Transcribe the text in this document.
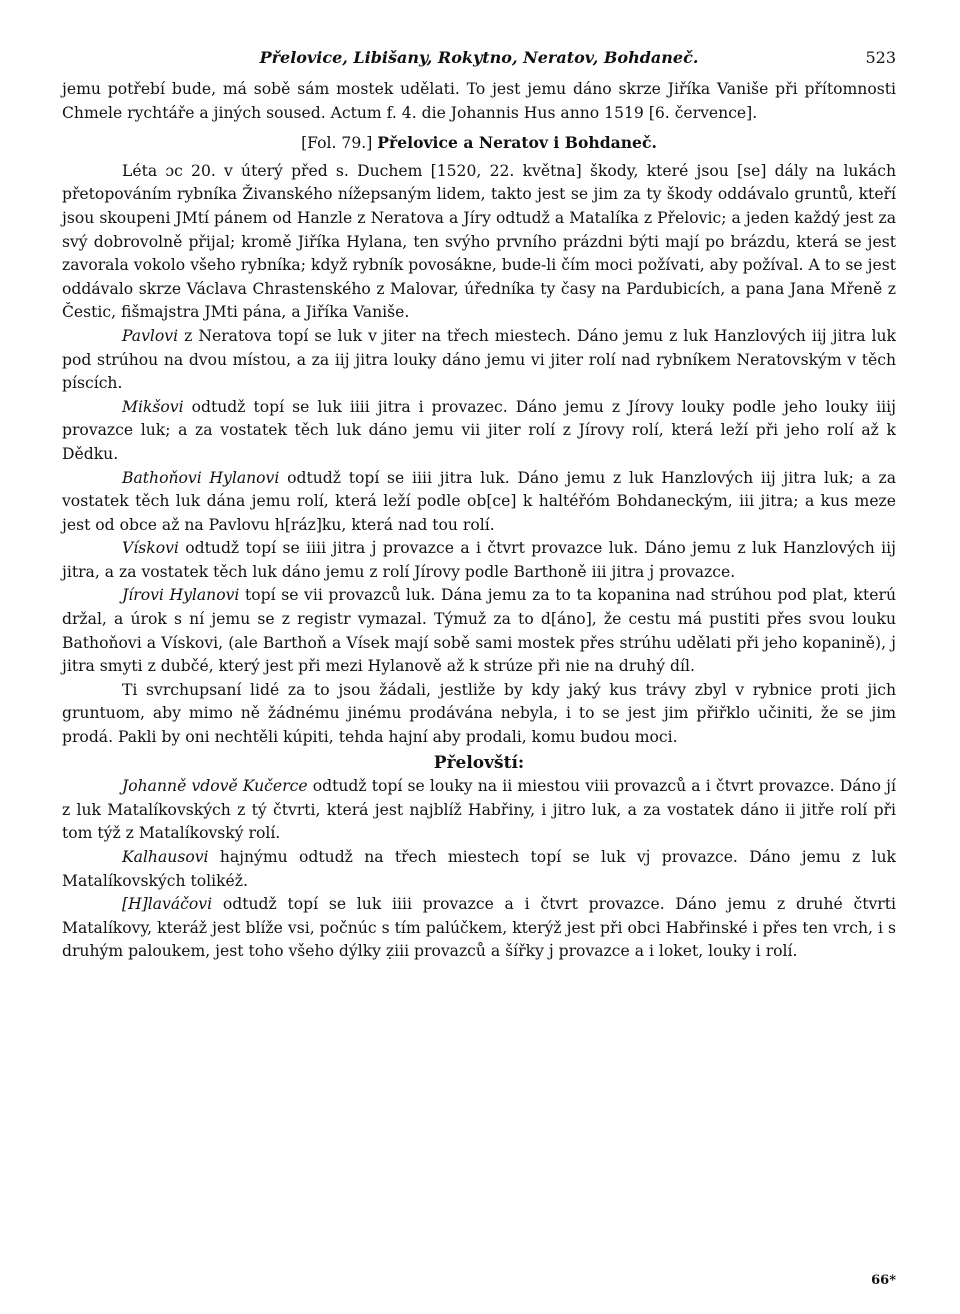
Přelovice, Libišany, Rokytno, Neratov, Bohdaneč.	523

jemu potřebí bude, má sobě sám mostek udělati. To jest jemu dáno skrze Jiříka Vaniše při přítomnosti Chmele rychtáře a jiných soused. Actum f. 4. die Johannis Hus anno 1519 [6. července].

[Fol. 79.] Přelovice a Neratov i Bohdaneč.

Léta ɔc 20. v úterý před s. Duchem [1520, 22. května] škody, které jsou [se] dály na lukách přetopováním rybníka Živanského nížepsaným lidem, takto jest se jim za ty škody oddávalo gruntů, kteří jsou skoupeni JMtí pánem od Hanzle z Neratova a Jíry odtudž a Matalíka z Přelovic; a jeden každý jest za svý dobrovolně přijal; kromě Jiříka Hylana, ten svýho prvního prázdni býti mají po brázdu, která se jest zavorala vokolo všeho rybníka; když rybník povosákne, bude-li čím moci požívati, aby požíval. A to se jest oddávalo skrze Václava Chrastenského z Malovar, úředníka ty časy na Pardubicích, a pana Jana Mřeně z Čestic, fišmajstra JMti pána, a Jiříka Vaniše.

Pavlovi z Neratova topí se luk v jiter na třech miestech. Dáno jemu z luk Hanzlových iiȷ̇ jitra luk pod strúhou na dvou místou, a za iiȷ̇ jitra louky dáno jemu vi jiter rolí nad rybníkem Neratovským v těch píscích.

Mikšovi odtudž topí se luk iiii jitra i provazec. Dáno jemu z Jírovy louky podle jeho louky iiiȷ̇ provazce luk; a za vostatek těch luk dáno jemu vii jiter rolí z Jírovy rolí, která leží při jeho rolí až k Dědku.

Bathoňovi Hylanovi odtudž topí se iiii jitra luk. Dáno jemu z luk Hanzlových iiȷ̇ jitra luk; a za vostatek těch luk dána jemu rolí, která leží podle ob[ce] k haltéřóm Bohdaneckým, iii jitra; a kus meze jest od obce až na Pavlovu h[ráz]ku, která nad tou rolí.

Vískovi odtudž topí se iiii jitra ȷ̇ provazce a i čtvrt provazce luk. Dáno jemu z luk Hanzlových iiȷ̇ jitra, a za vostatek těch luk dáno jemu z rolí Jírovy podle Barthoně iii jitra ȷ̇ provazce.

Jírovi Hylanovi topí se vii provazců luk. Dána jemu za to ta kopanina nad strúhou pod plat, kterú držal, a úrok s ní jemu se z registr vymazal. Týmuž za to d[áno], že cestu má pustiti přes svou louku Bathoňovi a Vískovi, (ale Barthoň a Vísek mají sobě sami mostek přes strúhu udělati při jeho kopanině), ȷ̇ jitra smyti z dubčé, který jest při mezi Hylanově až k strúze při nie na druhý díl.

Ti svrchupsaní lidé za to jsou žádali, jestliže by kdy jaký kus trávy zbyl v rybnice proti jich gruntuom, aby mimo ně žádnému jinému prodávána nebyla, i to se jest jim přiřklo učiniti, že se jim prodá. Pakli by oni nechtěli kúpiti, tehda hajní aby prodali, komu budou moci.

Přelovští:

Johanně vdově Kučerce odtudž topí se louky na ii miestou viii provazců a i čtvrt provazce. Dáno jí z luk Matalíkovských z tý čtvrti, která jest najblíž Habřiny, i jitro luk, a za vostatek dáno ii jitře rolí při tom týž z Matalíkovský rolí.

Kalhausovi hajnýmu odtudž na třech miestech topí se luk vȷ̇ provazce. Dáno jemu z luk Matalíkovských tolikéž.

[H]laváčovi odtudž topí se luk iiii provazce a i čtvrt provazce. Dáno jemu z druhé čtvrti Matalíkovy, kteráž jest blíže vsi, počnúc s tím palúčkem, kterýž jest při obci Habřinské i přes ten vrch, i s druhým paloukem, jest toho všeho dýlky ẓiii provazců a šířky ȷ̇ provazce a i loket, louky i rolí.

66*
